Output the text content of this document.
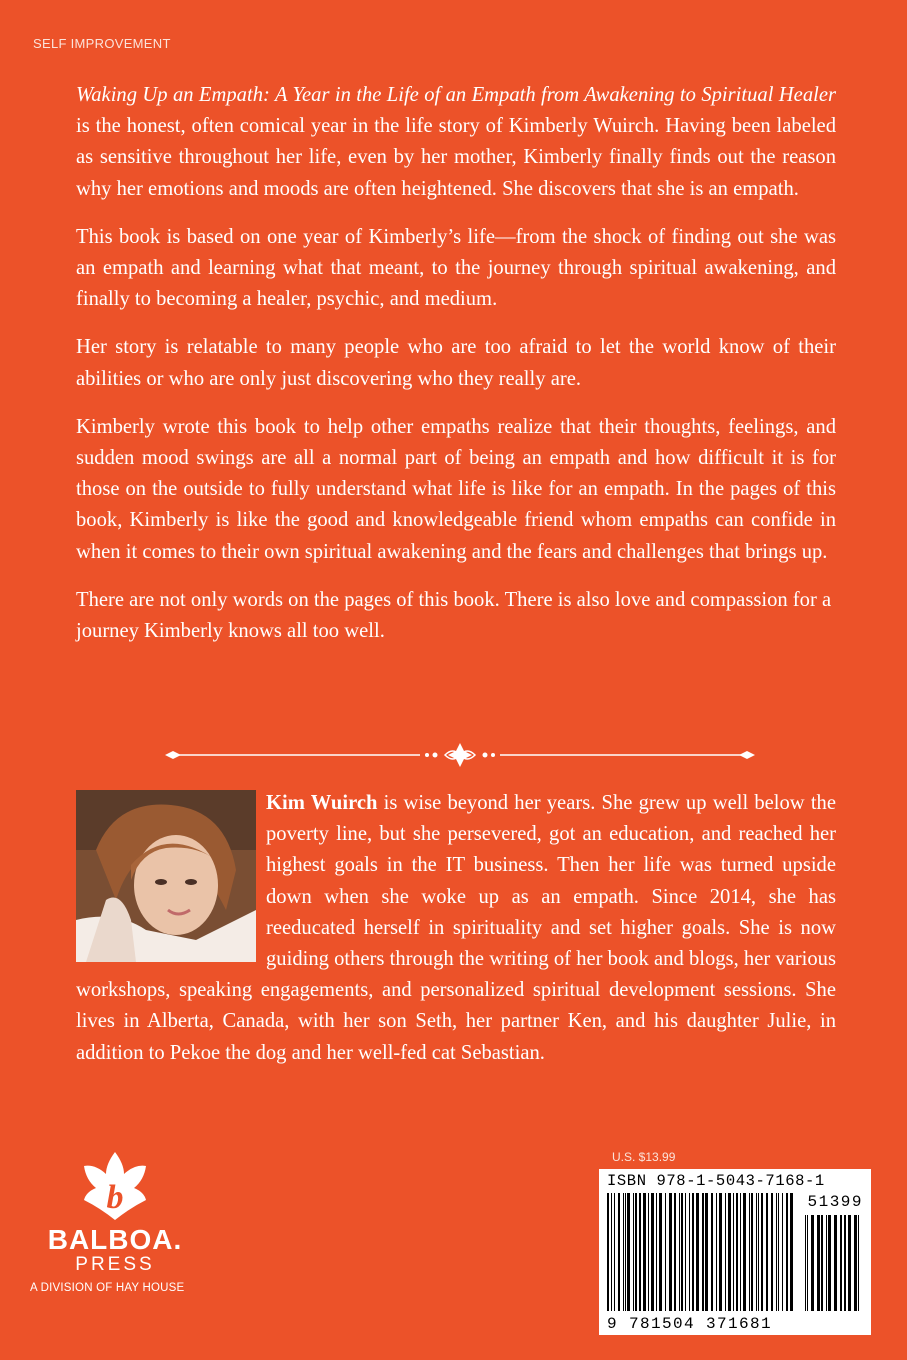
SELF IMPROVEMENT

Waking Up an Empath: A Year in the Life of an Empath from Awakening to Spiritual Healer is the honest, often comical year in the life story of Kimberly Wuirch. Having been labeled as sensitive throughout her life, even by her mother, Kimberly finally finds out the reason why her emotions and moods are often heightened. She discovers that she is an empath.

This book is based on one year of Kimberly’s life—from the shock of finding out she was an empath and learning what that meant, to the journey through spiritual awakening, and finally to becoming a healer, psychic, and medium.

Her story is relatable to many people who are too afraid to let the world know of their abilities or who are only just discovering who they really are.

Kimberly wrote this book to help other empaths realize that their thoughts, feelings, and sudden mood swings are all a normal part of being an empath and how difficult it is for those on the outside to fully understand what life is like for an empath. In the pages of this book, Kimberly is like the good and knowledgeable friend whom empaths can confide in when it comes to their own spiritual awakening and the fears and challenges that brings up.

There are not only words on the pages of this book. There is also love and compassion for a journey Kimberly knows all too well.

Kim Wuirch is wise beyond her years. She grew up well below the poverty line, but she persevered, got an education, and reached her highest goals in the IT business. Then her life was turned upside down when she woke up as an empath. Since 2014, she has reeducated herself in spirituality and set higher goals. She is now guiding others through the writing of her book and blogs, her various workshops, speaking engagements, and personalized spiritual development sessions. She lives in Alberta, Canada, with her son Seth, her partner Ken, and his daughter Julie, in addition to Pekoe the dog and her well-fed cat Sebastian.
b
BALBOA.
PRESS
A DIVISION OF HAY HOUSE
U.S. $13.99
ISBN 978-1-5043-7168-1
51399
9 781504 371681
